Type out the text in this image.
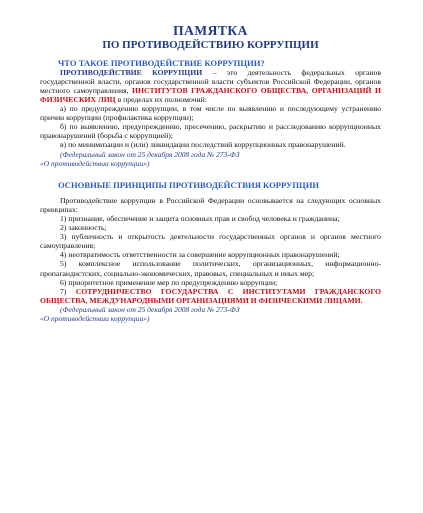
ПАМЯТКА
ПО ПРОТИВОДЕЙСТВИЮ КОРРУПЦИИ
ЧТО ТАКОЕ ПРОТИВОДЕЙСТВИЕ КОРРУПЦИИ?

ПРОТИВОДЕЙСТВИЕ КОРРУПЦИИ – это деятельность федеральных органов государственной власти, органов государственной власти субъектов Российской Федерации, органов местного самоуправления, ИНСТИТУТОВ ГРАЖДАНСКОГО ОБЩЕСТВА, ОРГАНИЗАЦИЙ И ФИЗИЧЕСКИХ ЛИЦ в пределах их полномочий:

а) по предупреждению коррупции, в том числе по выявлению и последующему устранению причин коррупции (профилактика коррупции);

б) по выявлению, предупреждению, пресечению, раскрытию и расследованию коррупционных правонарушений (борьба с коррупцией);

в) по минимизации и (или) ликвидации последствий коррупционных правонарушений.

(Федеральный закон от 25 декабря 2008 года № 273-ФЗ
«О противодействии коррупции»)
ОСНОВНЫЕ ПРИНЦИПЫ ПРОТИВОДЕЙСТВИЯ КОРРУПЦИИ

Противодействие коррупции в Российской Федерации основывается на следующих основных принципах:

1) признание, обеспечение и защита основных прав и свобод человека и гражданина;

2) законность;

3) публичность и открытость деятельности государственных органов и органов местного самоуправления;

4) неотвратимость ответственности за совершение коррупционных правонарушений;

5) комплексное использование политических, организационных, информационно-пропагандистских, социально-экономических, правовых, специальных и иных мер;

6) приоритетное применение мер по предупреждению коррупции;

7) СОТРУДНИЧЕСТВО ГОСУДАРСТВА С ИНСТИТУТАМИ ГРАЖДАНСКОГО ОБЩЕСТВА, МЕЖДУНАРОДНЫМИ ОРГАНИЗАЦИЯМИ И ФИЗИЧЕСКИМИ ЛИЦАМИ.

(Федеральный закон от 25 декабря 2008 года № 273-ФЗ
«О противодействии коррупции»)
